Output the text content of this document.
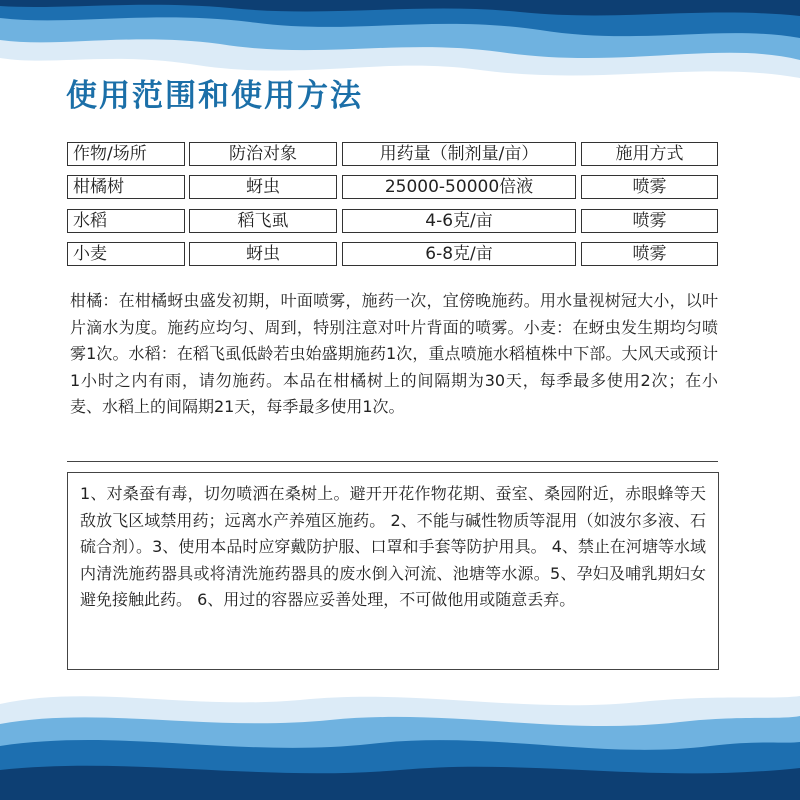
使用范围和使用方法
作物/场所	防治对象	用药量（制剂量/亩）	施用方式
柑橘树	蚜虫	25000-50000倍液	喷雾
水稻	稻飞虱	4-6克/亩	喷雾
小麦	蚜虫	6-8克/亩	喷雾

柑橘：在柑橘蚜虫盛发初期，叶面喷雾，施药一次，宜傍晚施药。用水量视树冠大小，以叶片滴水为度。施药应均匀、周到，特别注意对叶片背面的喷雾。小麦：在蚜虫发生期均匀喷雾1次。水稻：在稻飞虱低龄若虫始盛期施药1次，重点喷施水稻植株中下部。大风天或预计1小时之内有雨，请勿施药。本品在柑橘树上的间隔期为30天，每季最多使用2次；在小麦、水稻上的间隔期21天，每季最多使用1次。

1、对桑蚕有毒，切勿喷洒在桑树上。避开开花作物花期、蚕室、桑园附近，赤眼蜂等天敌放飞区域禁用药；远离水产养殖区施药。 2、不能与碱性物质等混用（如波尔多液、石硫合剂）。3、使用本品时应穿戴防护服、口罩和手套等防护用具。 4、禁止在河塘等水域内清洗施药器具或将清洗施药器具的废水倒入河流、池塘等水源。5、孕妇及哺乳期妇女避免接触此药。 6、用过的容器应妥善处理，不可做他用或随意丢弃。
